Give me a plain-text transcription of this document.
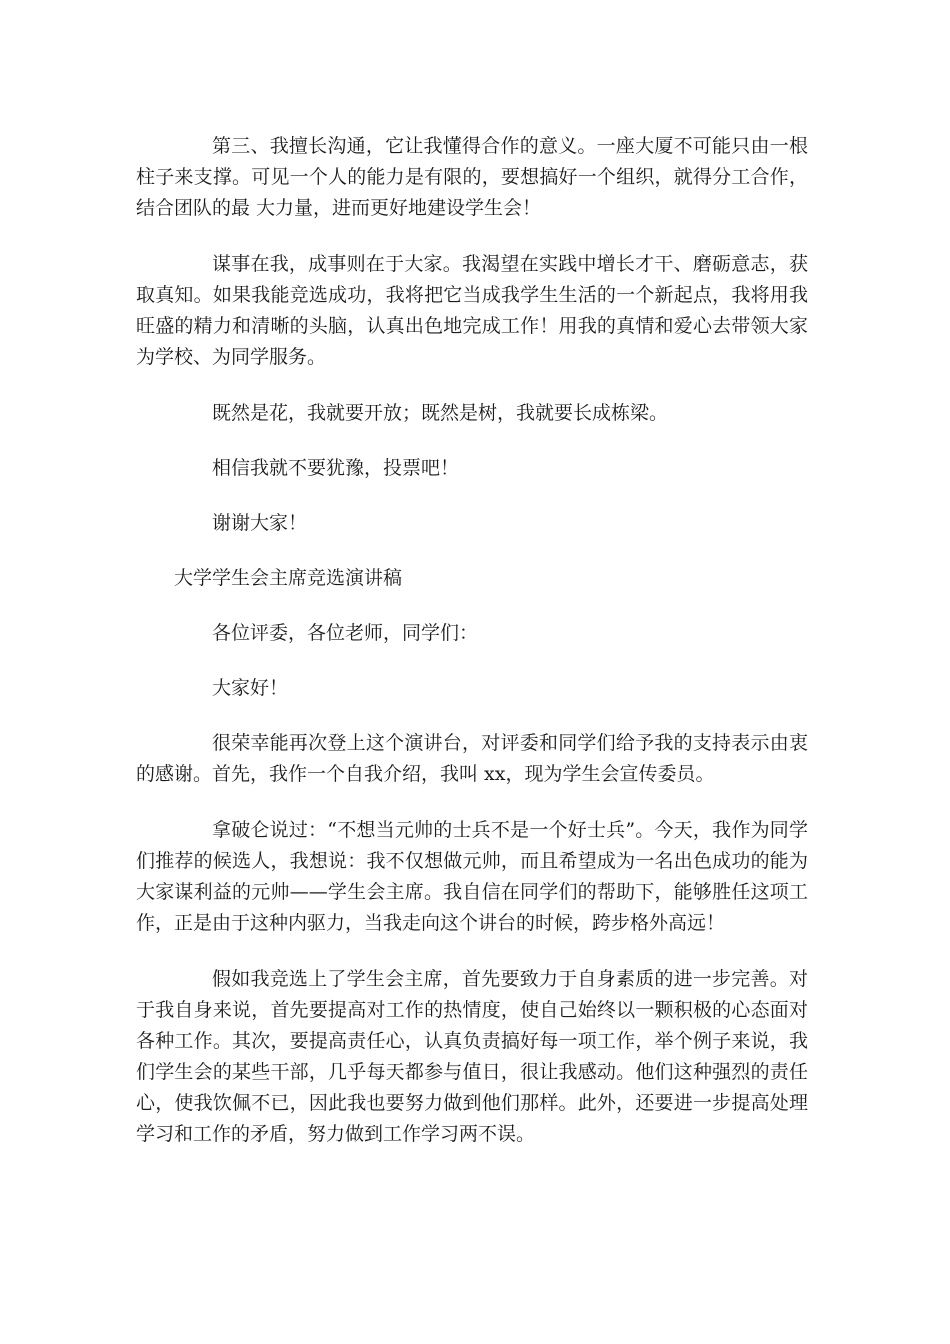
第三、我擅长沟通，它让我懂得合作的意义。一座大厦不可能只由一根柱子来支撑。可见一个人的能力是有限的，要想搞好一个组织，就得分工合作，结合团队的最 大力量，进而更好地建设学生会！

谋事在我，成事则在于大家。我渴望在实践中增长才干、磨砺意志，获取真知。如果我能竞选成功，我将把它当成我学生生活的一个新起点，我将用我旺盛的精力和清晰的头脑，认真出色地完成工作！用我的真情和爱心去带领大家为学校、为同学服务。

既然是花，我就要开放；既然是树，我就要长成栋梁。

相信我就不要犹豫，投票吧！

谢谢大家！

大学学生会主席竞选演讲稿

各位评委，各位老师，同学们：

大家好！

很荣幸能再次登上这个演讲台，对评委和同学们给予我的支持表示由衷的感谢。首先，我作一个自我介绍，我叫 xx，现为学生会宣传委员。

拿破仑说过：“不想当元帅的士兵不是一个好士兵”。今天，我作为同学们推荐的候选人，我想说：我不仅想做元帅，而且希望成为一名出色成功的能为大家谋利益的元帅——学生会主席。我自信在同学们的帮助下，能够胜任这项工作，正是由于这种内驱力，当我走向这个讲台的时候，跨步格外高远！

假如我竞选上了学生会主席，首先要致力于自身素质的进一步完善。对于我自身来说，首先要提高对工作的热情度，使自己始终以一颗积极的心态面对各种工作。其次，要提高责任心，认真负责搞好每一项工作，举个例子来说，我们学生会的某些干部，几乎每天都参与值日，很让我感动。他们这种强烈的责任心，使我饮佩不已，因此我也要努力做到他们那样。此外，还要进一步提高处理学习和工作的矛盾，努力做到工作学习两不误。
